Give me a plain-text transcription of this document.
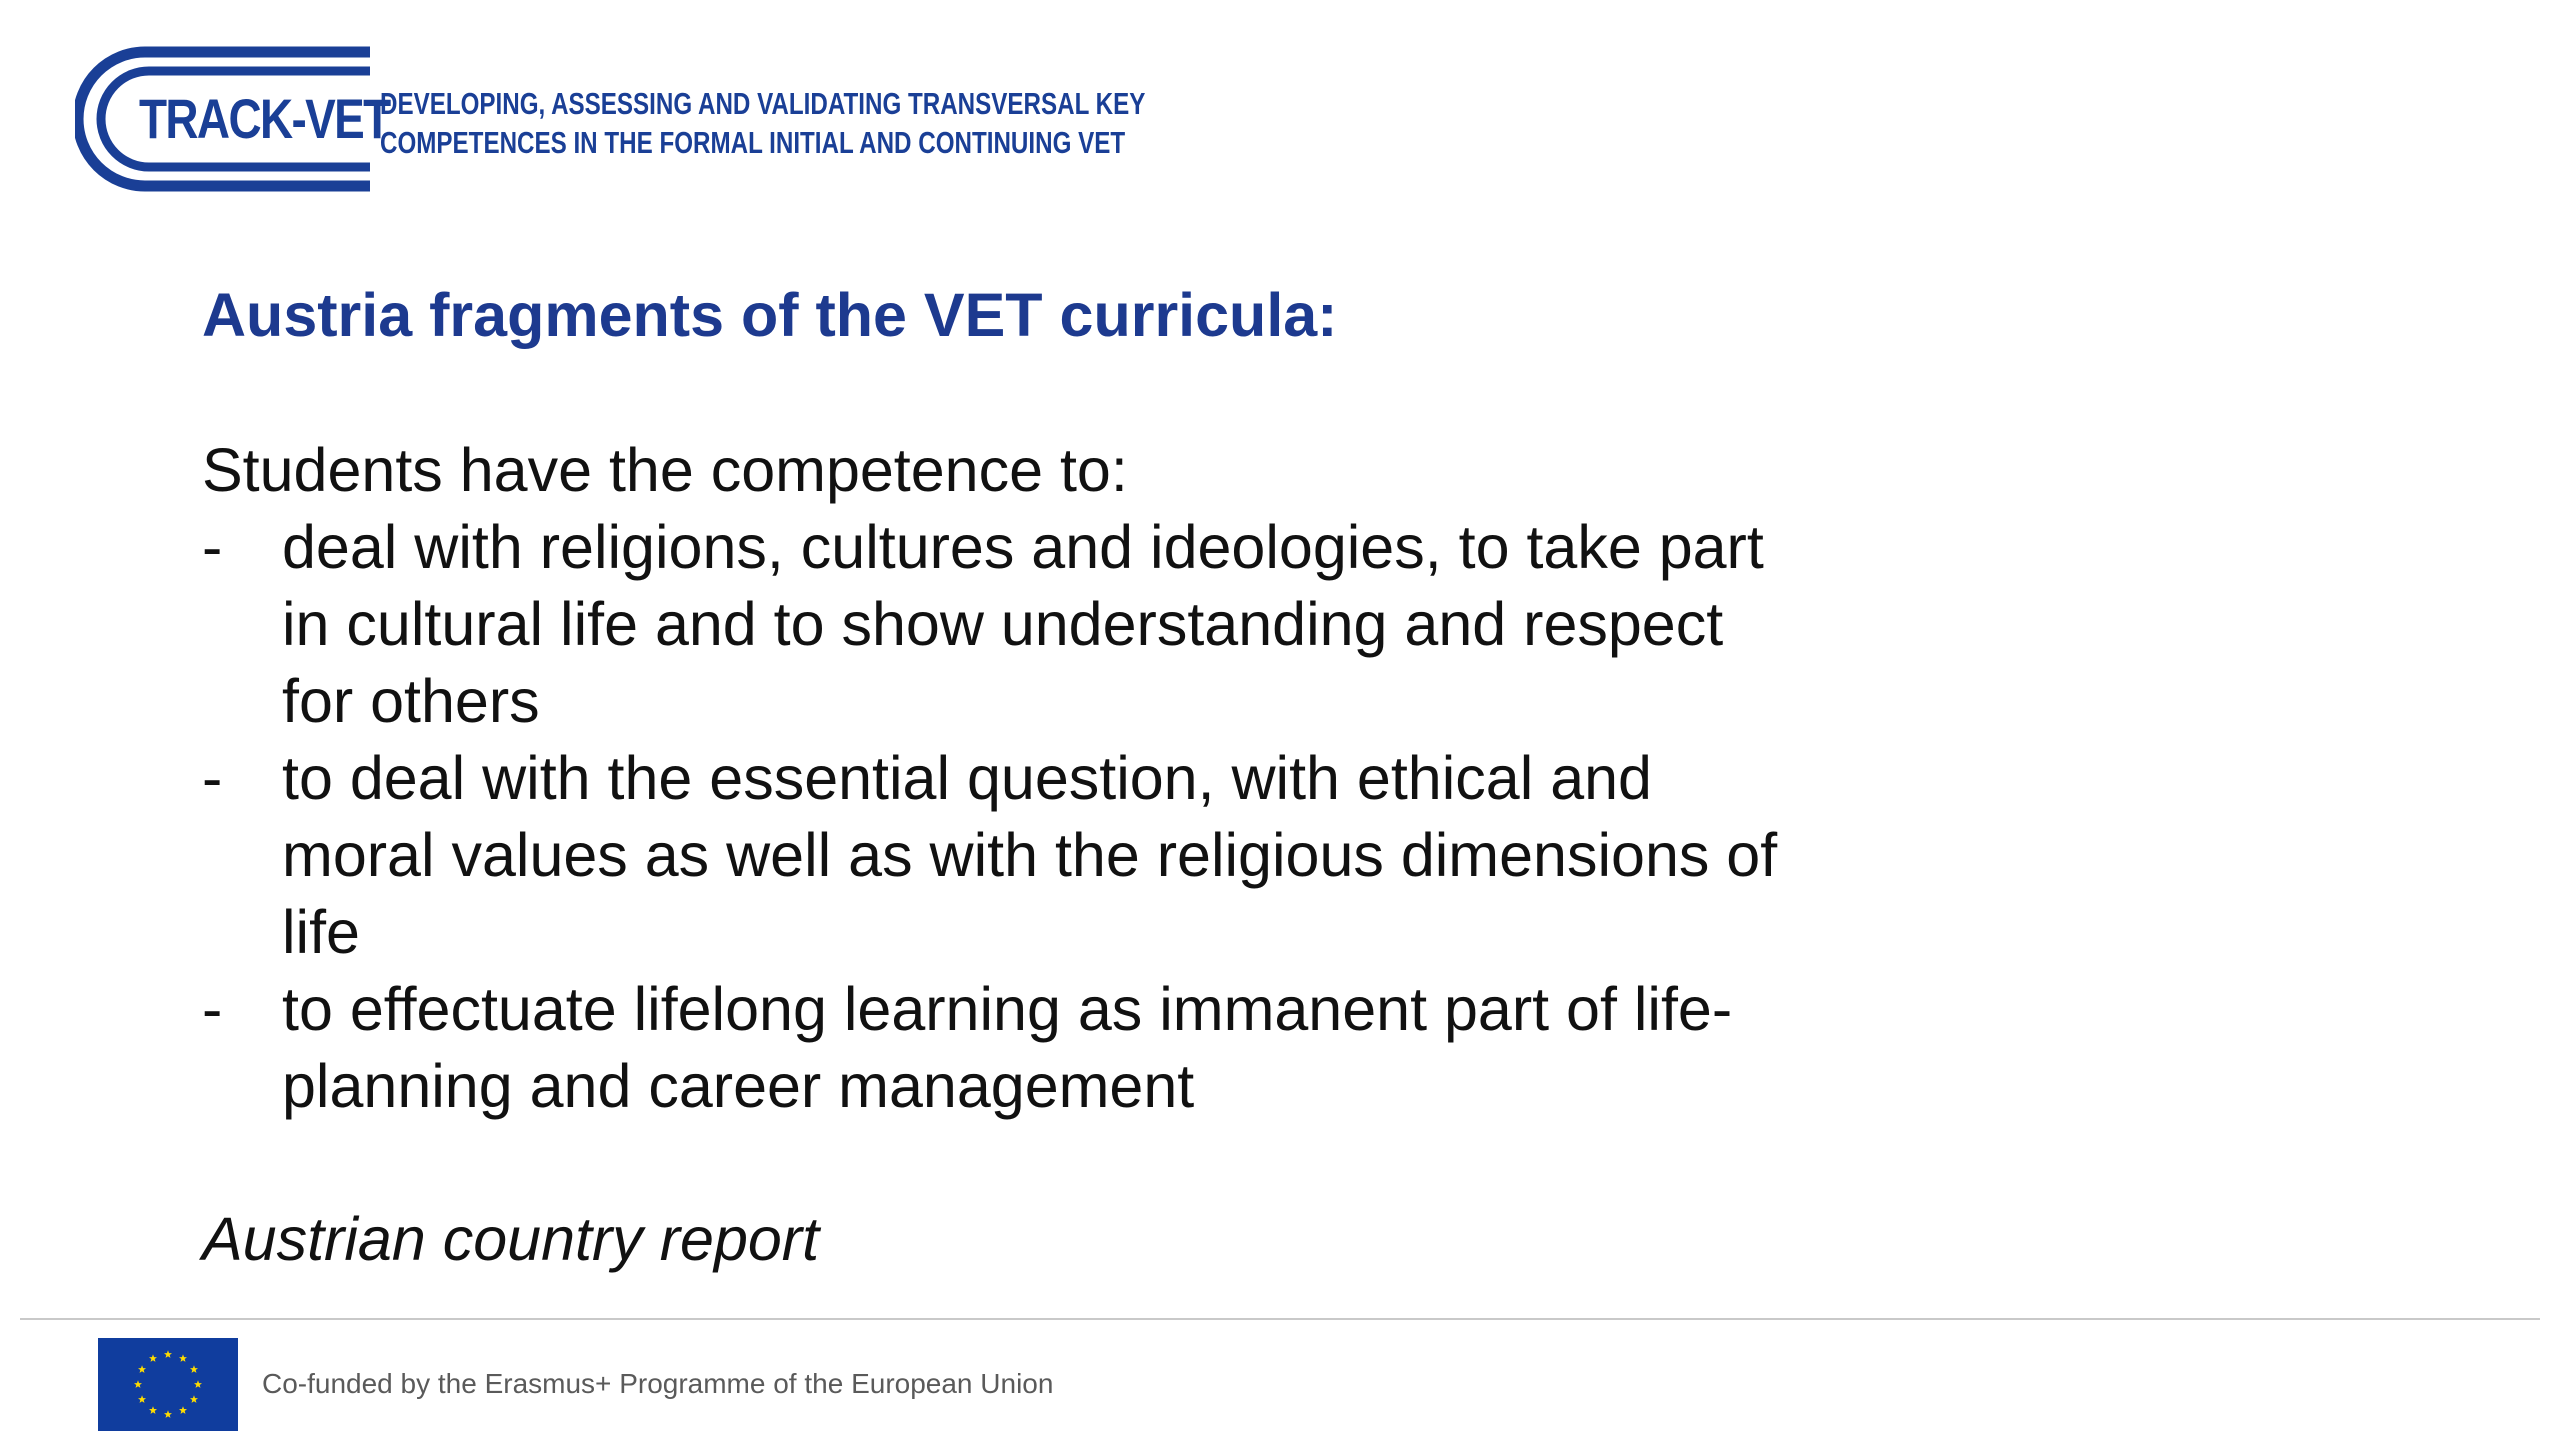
TRACK-VET
DEVELOPING, ASSESSING AND VALIDATING TRANSVERSAL KEY
COMPETENCES IN THE FORMAL INITIAL AND CONTINUING VET
Austria fragments of the VET curricula:

Students have the competence to:

- deal with religions, cultures and ideologies, to take part
in cultural life and to show understanding and respect
for others
- to deal with the essential question, with ethical and
moral values as well as with the religious dimensions of
life
- to effectuate lifelong learning as immanent part of life-
planning and career management
Austrian country report
Co-funded by the Erasmus+ Programme of the European Union
